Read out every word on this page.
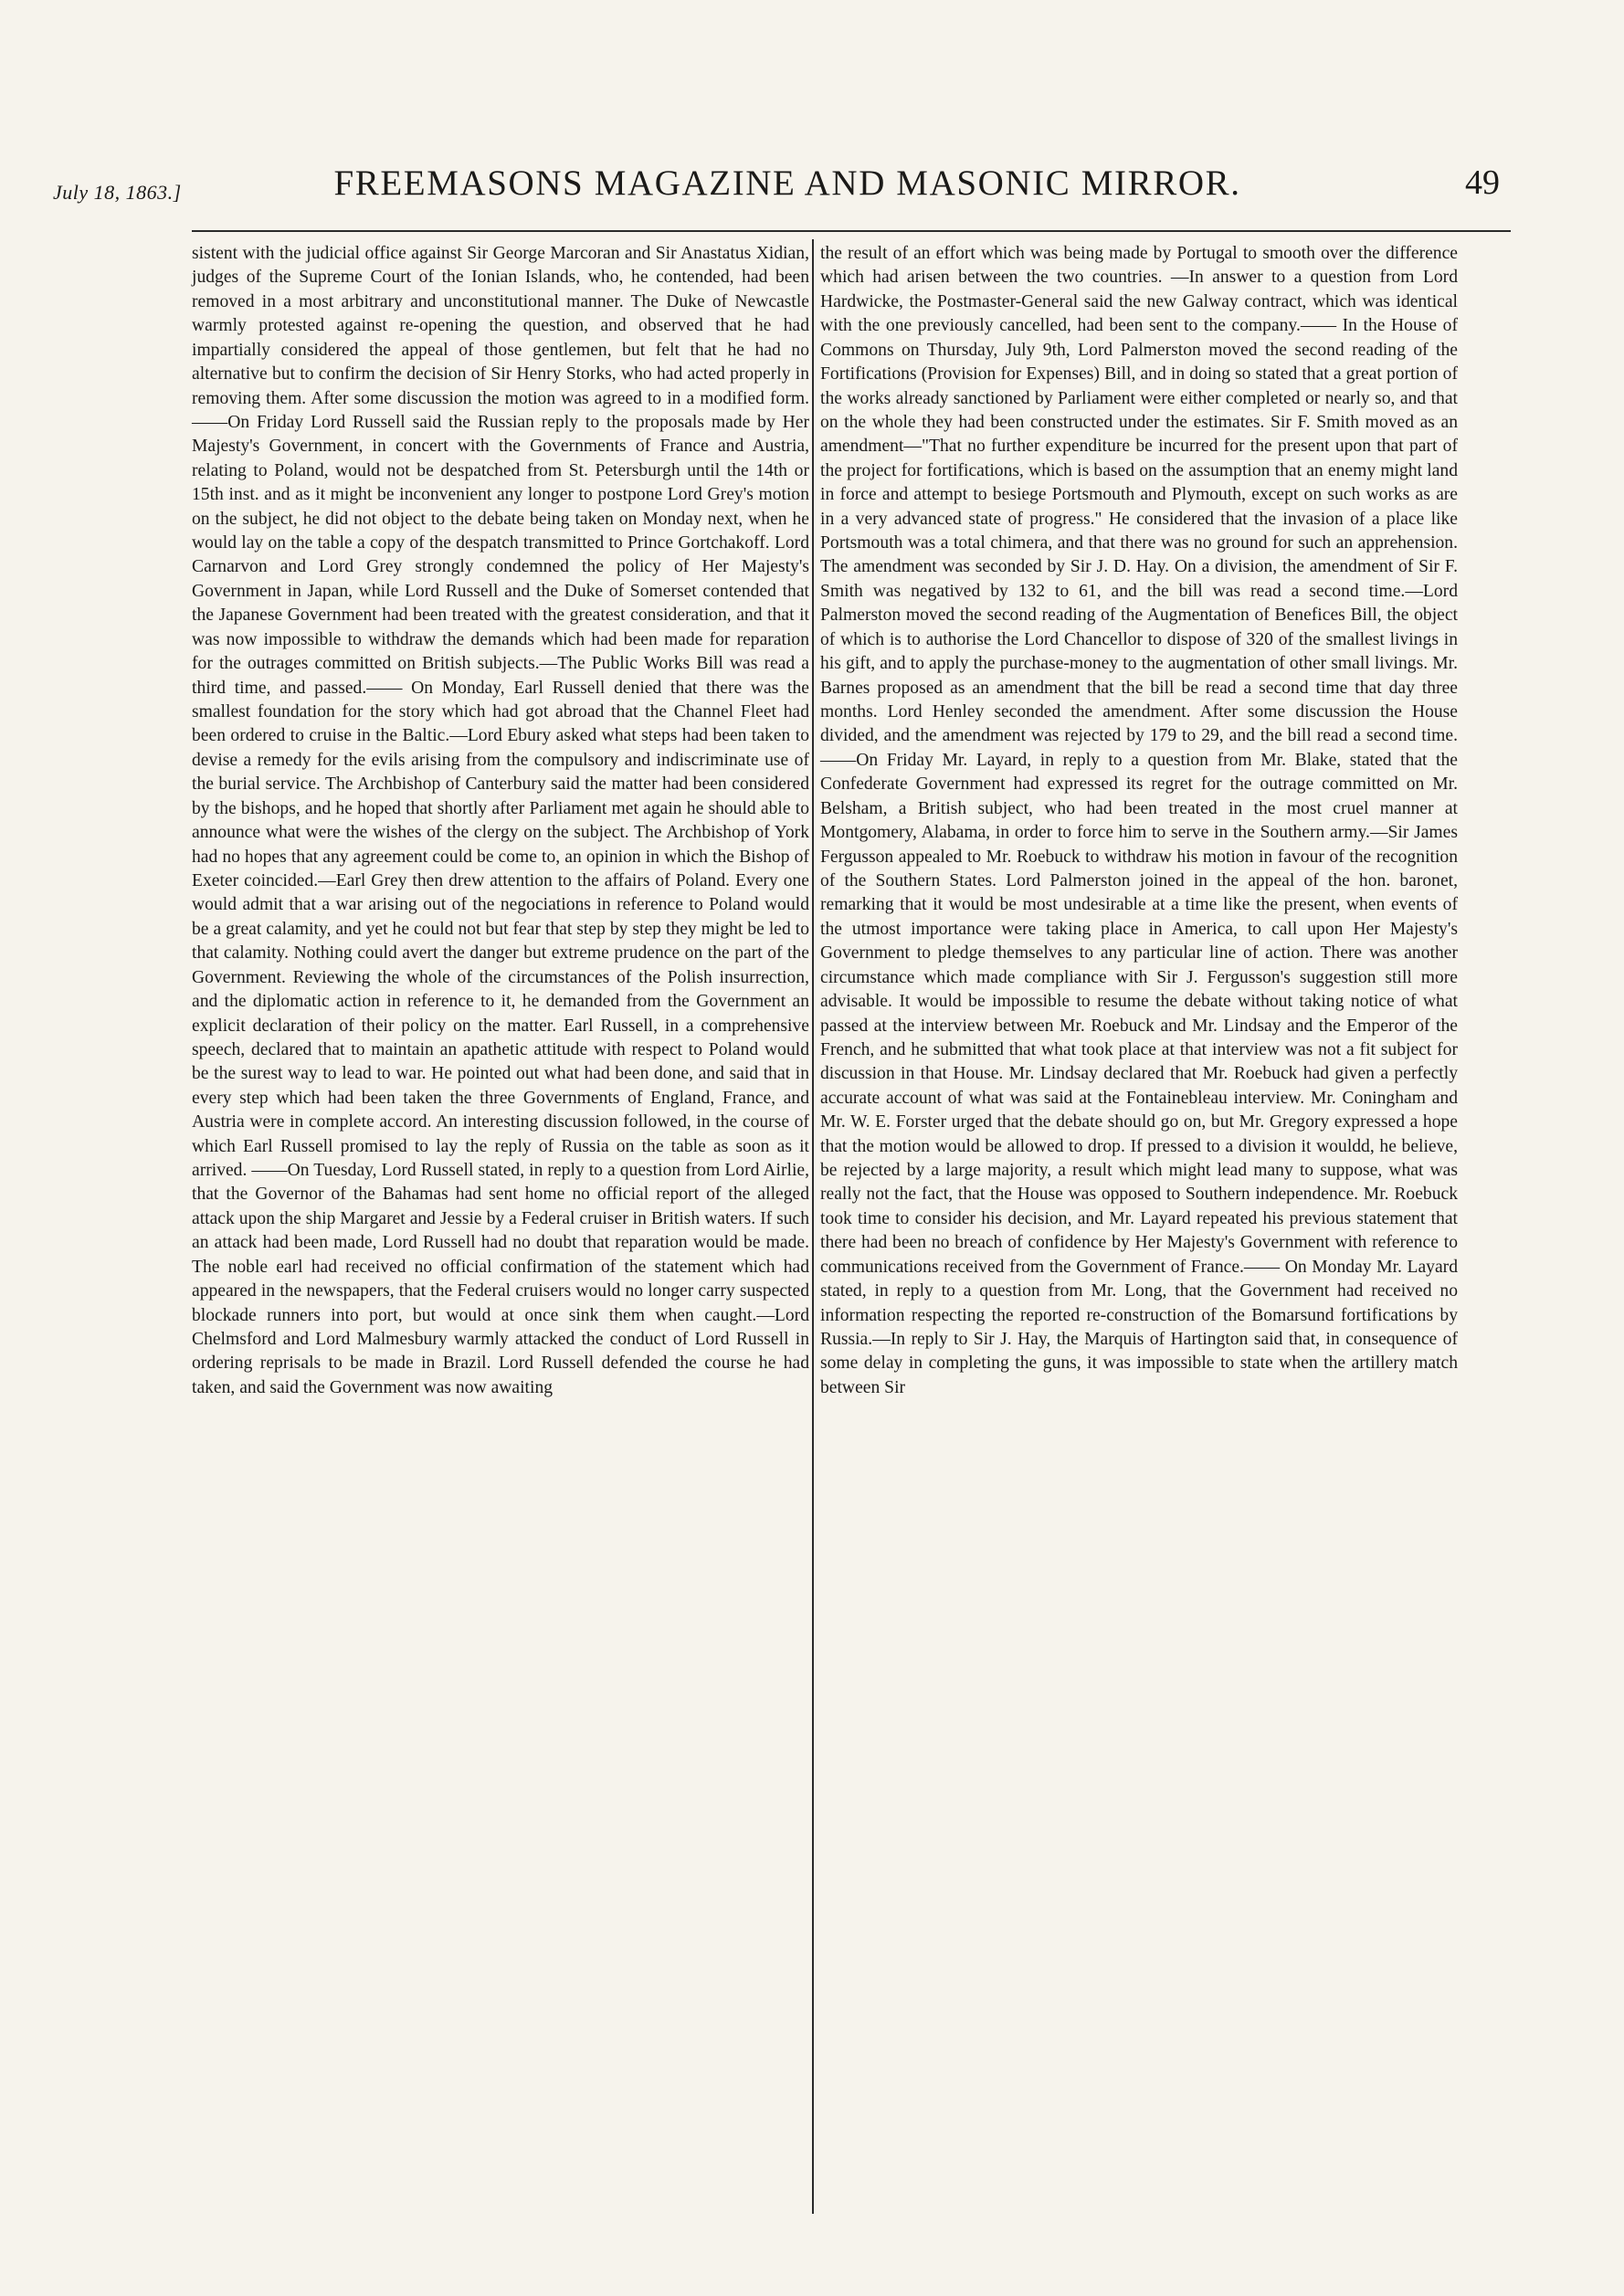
July 18, 1863.]	FREEMASONS MAGAZINE AND MASONIC MIRROR.	49

sistent with the judicial office against Sir George Marcoran and Sir Anastatus Xidian, judges of the Supreme Court of the Ionian Islands, who, he contended, had been removed in a most arbitrary and unconstitutional manner. The Duke of Newcastle warmly protested against re-opening the question, and observed that he had impartially considered the appeal of those gentlemen, but felt that he had no alternative but to confirm the decision of Sir Henry Storks, who had acted properly in removing them. After some discussion the motion was agreed to in a modified form.——On Friday Lord Russell said the Russian reply to the proposals made by Her Majesty's Government, in concert with the Governments of France and Austria, relating to Poland, would not be despatched from St. Petersburgh until the 14th or 15th inst. and as it might be inconvenient any longer to postpone Lord Grey's motion on the subject, he did not object to the debate being taken on Monday next, when he would lay on the table a copy of the despatch transmitted to Prince Gortchakoff. Lord Carnarvon and Lord Grey strongly condemned the policy of Her Majesty's Government in Japan, while Lord Russell and the Duke of Somerset contended that the Japanese Government had been treated with the greatest consideration, and that it was now impossible to withdraw the demands which had been made for reparation for the outrages committed on British subjects.—The Public Works Bill was read a third time, and passed.—— On Monday, Earl Russell denied that there was the smallest foundation for the story which had got abroad that the Channel Fleet had been ordered to cruise in the Baltic.—Lord Ebury asked what steps had been taken to devise a remedy for the evils arising from the compulsory and indiscriminate use of the burial service. The Archbishop of Canterbury said the matter had been considered by the bishops, and he hoped that shortly after Parliament met again he should able to announce what were the wishes of the clergy on the subject. The Archbishop of York had no hopes that any agreement could be come to, an opinion in which the Bishop of Exeter coincided.—Earl Grey then drew attention to the affairs of Poland. Every one would admit that a war arising out of the negociations in reference to Poland would be a great calamity, and yet he could not but fear that step by step they might be led to that calamity. Nothing could avert the danger but extreme prudence on the part of the Government. Reviewing the whole of the circumstances of the Polish insurrection, and the diplomatic action in reference to it, he demanded from the Government an explicit declaration of their policy on the matter. Earl Russell, in a comprehensive speech, declared that to maintain an apathetic attitude with respect to Poland would be the surest way to lead to war. He pointed out what had been done, and said that in every step which had been taken the three Governments of England, France, and Austria were in complete accord. An interesting discussion followed, in the course of which Earl Russell promised to lay the reply of Russia on the table as soon as it arrived. ——On Tuesday, Lord Russell stated, in reply to a question from Lord Airlie, that the Governor of the Bahamas had sent home no official report of the alleged attack upon the ship Margaret and Jessie by a Federal cruiser in British waters. If such an attack had been made, Lord Russell had no doubt that reparation would be made. The noble earl had received no official confirmation of the statement which had appeared in the newspapers, that the Federal cruisers would no longer carry suspected blockade runners into port, but would at once sink them when caught.—Lord Chelmsford and Lord Malmesbury warmly attacked the conduct of Lord Russell in ordering reprisals to be made in Brazil. Lord Russell defended the course he had taken, and said the Government was now awaiting

the result of an effort which was being made by Portugal to smooth over the difference which had arisen between the two countries. —In answer to a question from Lord Hardwicke, the Postmaster-General said the new Galway contract, which was identical with the one previously cancelled, had been sent to the company.—— In the House of Commons on Thursday, July 9th, Lord Palmerston moved the second reading of the Fortifications (Provision for Expenses) Bill, and in doing so stated that a great portion of the works already sanctioned by Parliament were either completed or nearly so, and that on the whole they had been constructed under the estimates. Sir F. Smith moved as an amendment—"That no further expenditure be incurred for the present upon that part of the project for fortifications, which is based on the assumption that an enemy might land in force and attempt to besiege Portsmouth and Plymouth, except on such works as are in a very advanced state of progress." He considered that the invasion of a place like Portsmouth was a total chimera, and that there was no ground for such an apprehension. The amendment was seconded by Sir J. D. Hay. On a division, the amendment of Sir F. Smith was negatived by 132 to 61, and the bill was read a second time.—Lord Palmerston moved the second reading of the Augmentation of Benefices Bill, the object of which is to authorise the Lord Chancellor to dispose of 320 of the smallest livings in his gift, and to apply the purchase-money to the augmentation of other small livings. Mr. Barnes proposed as an amendment that the bill be read a second time that day three months. Lord Henley seconded the amendment. After some discussion the House divided, and the amendment was rejected by 179 to 29, and the bill read a second time.——On Friday Mr. Layard, in reply to a question from Mr. Blake, stated that the Confederate Government had expressed its regret for the outrage committed on Mr. Belsham, a British subject, who had been treated in the most cruel manner at Montgomery, Alabama, in order to force him to serve in the Southern army.—Sir James Fergusson appealed to Mr. Roebuck to withdraw his motion in favour of the recognition of the Southern States. Lord Palmerston joined in the appeal of the hon. baronet, remarking that it would be most undesirable at a time like the present, when events of the utmost importance were taking place in America, to call upon Her Majesty's Government to pledge themselves to any particular line of action. There was another circumstance which made compliance with Sir J. Fergusson's suggestion still more advisable. It would be impossible to resume the debate without taking notice of what passed at the interview between Mr. Roebuck and Mr. Lindsay and the Emperor of the French, and he submitted that what took place at that interview was not a fit subject for discussion in that House. Mr. Lindsay declared that Mr. Roebuck had given a perfectly accurate account of what was said at the Fontainebleau interview. Mr. Coningham and Mr. W. E. Forster urged that the debate should go on, but Mr. Gregory expressed a hope that the motion would be allowed to drop. If pressed to a division it wouldd, he believe, be rejected by a large majority, a result which might lead many to suppose, what was really not the fact, that the House was opposed to Southern independence. Mr. Roebuck took time to consider his decision, and Mr. Layard repeated his previous statement that there had been no breach of confidence by Her Majesty's Government with reference to communications received from the Government of France.—— On Monday Mr. Layard stated, in reply to a question from Mr. Long, that the Government had received no information respecting the reported re-construction of the Bomarsund fortifications by Russia.—In reply to Sir J. Hay, the Marquis of Hartington said that, in consequence of some delay in completing the guns, it was impossible to state when the artillery match between Sir
